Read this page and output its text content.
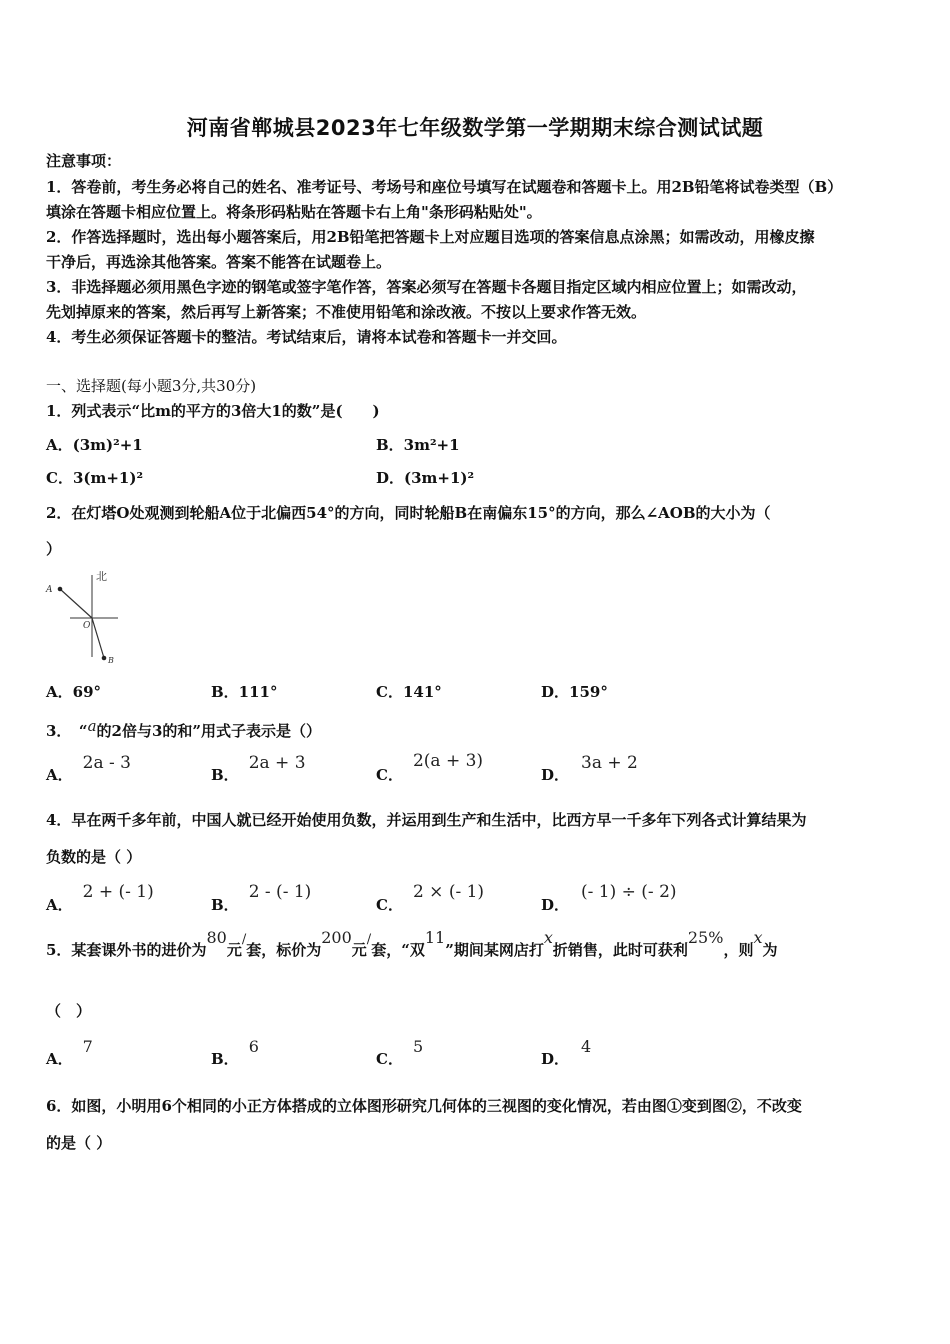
河南省郸城县2023年七年级数学第一学期期末综合测试试题
注意事项：
1．答卷前，考生务必将自己的姓名、准考证号、考场号和座位号填写在试题卷和答题卡上。用2B铅笔将试卷类型（B）
填涂在答题卡相应位置上。将条形码粘贴在答题卡右上角"条形码粘贴处"。
2．作答选择题时，选出每小题答案后，用2B铅笔把答题卡上对应题目选项的答案信息点涂黑；如需改动，用橡皮擦
干净后，再选涂其他答案。答案不能答在试题卷上。
3．非选择题必须用黑色字迹的钢笔或签字笔作答，答案必须写在答题卡各题目指定区域内相应位置上；如需改动，
先划掉原来的答案，然后再写上新答案；不准使用铅笔和涂改液。不按以上要求作答无效。
4．考生必须保证答题卡的整洁。考试结束后，请将本试卷和答题卡一并交回。
一、选择题(每小题3分,共30分)
1．列式表示“比m的平方的3倍大1的数”是(　　)
A．(3m)²+1	B．3m²+1
C．3(m+1)²	D．(3m+1)²
2．在灯塔O处观测到轮船A位于北偏西54°的方向，同时轮船B在南偏东15°的方向，那么∠AOB的大小为（
）
北
A
O
B
A．69°	B．111°	C．141°	D．159°
3．　“a的2倍与3的和”用式子表示是（）
A．2a - 3
B．2a + 3
C．2(a + 3)
D．3a + 2
4．早在两千多年前，中国人就已经开始使用负数，并运用到生产和生活中，比西方早一千多年下列各式计算结果为
负数的是（ ）
A．2 + (- 1)
B．2 - (- 1)
C．2 × (- 1)
D．(- 1) ÷ (- 2)
5．某套课外书的进价为80元/套，标价为200元/套，“双11”期间某网店打x折销售，此时可获利25%，则x为
（　）
A．7
B．6
C．5
D．4
6．如图，小明用6个相同的小正方体搭成的立体图形研究几何体的三视图的变化情况，若由图①变到图②，不改变
的是（ ）
